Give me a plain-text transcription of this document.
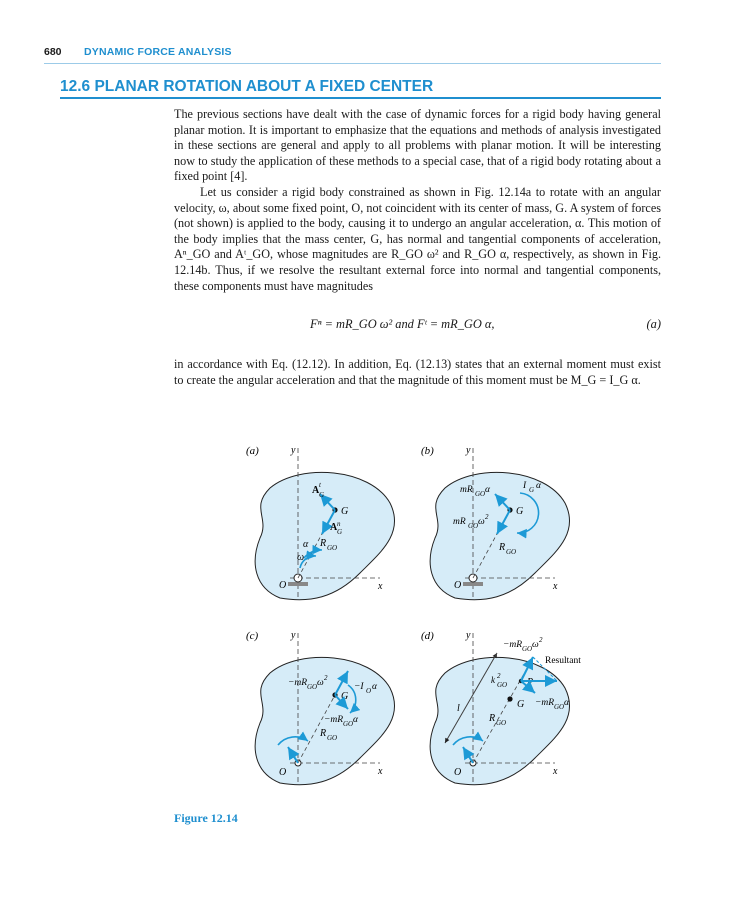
680 DYNAMIC FORCE ANALYSIS
12.6 PLANAR ROTATION ABOUT A FIXED CENTER
The previous sections have dealt with the case of dynamic forces for a rigid body having general planar motion. It is important to emphasize that the equations and methods of analysis investigated in these sections are general and apply to all problems with planar motion. It will be interesting now to study the application of these methods to a special case, that of a rigid body rotating about a fixed point [4].
Let us consider a rigid body constrained as shown in Fig. 12.14a to rotate with an angular velocity, ω, about some fixed point, O, not coincident with its center of mass, G. A system of forces (not shown) is applied to the body, causing it to undergo an angular acceleration, α. This motion of the body implies that the mass center, G, has normal and tangential components of acceleration, Aⁿ_GO and Aᵗ_GO, whose magnitudes are R_GO ω² and R_GO α, respectively, as shown in Fig. 12.14b. Thus, if we resolve the resultant external force into normal and tangential components, these components must have magnitudes
Fⁿ = mR_GO ω² and Fᵗ = mR_GO α,	(a)
in accordance with Eq. (12.12). In addition, Eq. (12.13) states that an external moment must exist to create the angular acceleration and that the magnitude of this moment must be M_G = I_G α.
(a)	y
x
O
G
A t
G
A n
G
R GO
α
ω
(b)	y
x
O
G
mR GO α	I G α
mR GO ω 2
R GO
(c)	y
x
O
G
−mR GO ω 2
−I O α
−mR GO α
R GO
(d)	y
x
O
l	G
P
−mR GO ω 2
Resultant
−mR GO α
k 2
GO
R GO
Figure 12.14
